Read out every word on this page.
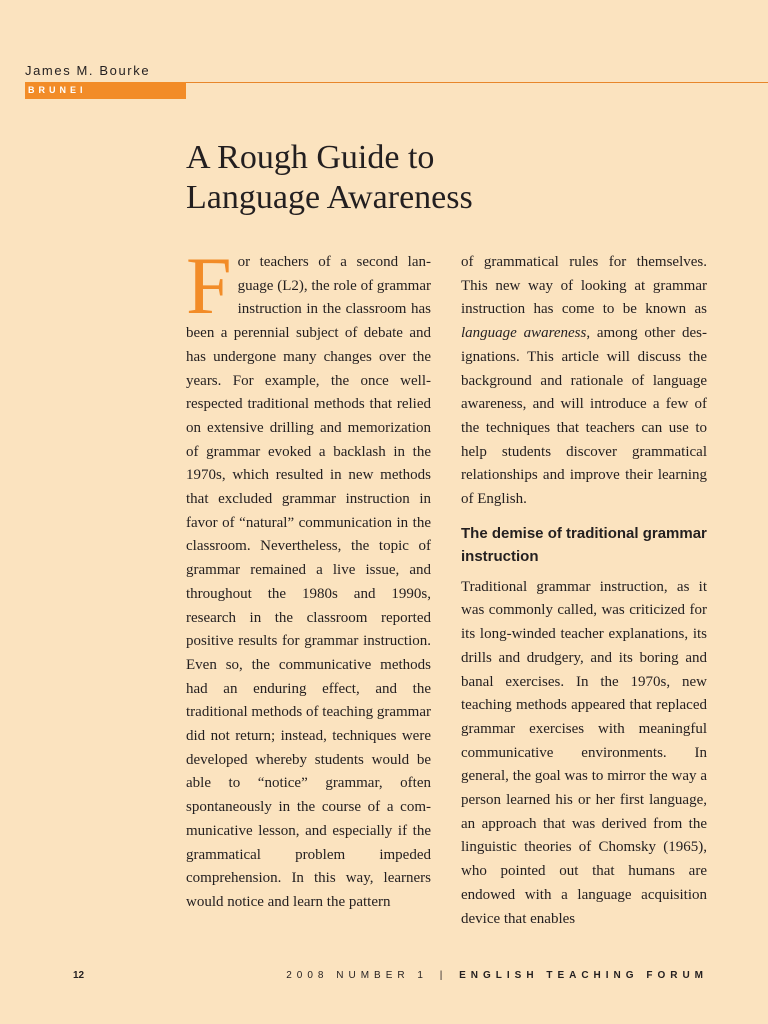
James M. Bourke
BRUNEI
A Rough Guide to
Language Awareness

For teachers of a second language (L2), the role of grammar instruction in the classroom has been a perennial subject of debate and has undergone many changes over the years. For example, the once well-respected traditional methods that relied on extensive drilling and memorization of grammar evoked a backlash in the 1970s, which resulted in new methods that excluded grammar instruction in favor of “natural” communication in the classroom. Nevertheless, the topic of grammar remained a live issue, and throughout the 1980s and 1990s, research in the classroom reported positive results for grammar instruction. Even so, the communicative methods had an enduring effect, and the traditional methods of teaching grammar did not return; instead, techniques were developed whereby students would be able to “notice” grammar, often spontaneously in the course of a communicative lesson, and especially if the grammatical problem impeded comprehension. In this way, learners would notice and learn the pattern

of grammatical rules for themselves. This new way of looking at grammar instruction has come to be known as language awareness, among other designations. This article will discuss the background and rationale of language awareness, and will introduce a few of the techniques that teachers can use to help students discover grammatical relationships and improve their learning of English.

The demise of traditional grammar instruction

Traditional grammar instruction, as it was commonly called, was criticized for its long-winded teacher explanations, its drills and drudgery, and its boring and banal exercises. In the 1970s, new teaching methods appeared that replaced grammar exercises with meaningful communicative environments. In general, the goal was to mirror the way a person learned his or her first language, an approach that was derived from the linguistic theories of Chomsky (1965), who pointed out that humans are endowed with a language acquisition device that enables

12	2008 NUMBER 1 | ENGLISH TEACHING FORUM
